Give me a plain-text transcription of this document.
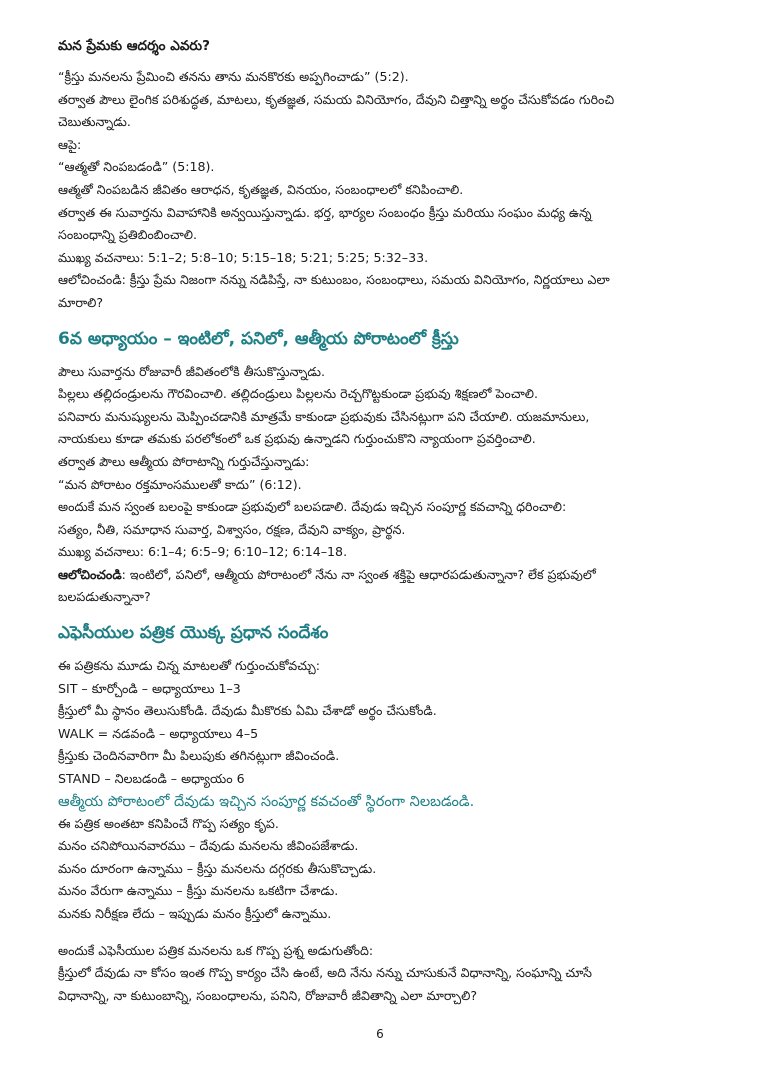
మన ప్రేమకు ఆదర్శం ఎవరు?

“క్రీస్తు మనలను ప్రేమించి తనను తాను మనకొరకు అప్పగించాడు” (5:2).

తర్వాత పౌలు లైంగిక పరిశుద్ధత, మాటలు, కృతజ్ఞత, సమయ వినియోగం, దేవుని చిత్తాన్ని అర్థం చేసుకోవడం గురించి

చెబుతున్నాడు.

ఆపై:

“ఆత్మతో నింపబడండి” (5:18).

ఆత్మతో నింపబడిన జీవితం ఆరాధన, కృతజ్ఞత, వినయం, సంబంధాలలో కనిపించాలి.

తర్వాత ఈ సువార్తను వివాహానికి అన్వయిస్తున్నాడు. భర్త, భార్యల సంబంధం క్రీస్తు మరియు సంఘం మధ్య ఉన్న

సంబంధాన్ని ప్రతిబింబించాలి.

ముఖ్య వచనాలు: 5:1–2; 5:8–10; 5:15–18; 5:21; 5:25; 5:32–33.

ఆలోచించండి: క్రీస్తు ప్రేమ నిజంగా నన్ను నడిపిస్తే, నా కుటుంబం, సంబంధాలు, సమయ వినియోగం, నిర్ణయాలు ఎలా

మారాలి?

6వ అధ్యాయం – ఇంటిలో, పనిలో, ఆత్మీయ పోరాటంలో క్రీస్తు

పౌలు సువార్తను రోజువారీ జీవితంలోకి తీసుకొస్తున్నాడు.

పిల్లలు తల్లిదండ్రులను గౌరవించాలి. తల్లిదండ్రులు పిల్లలను రెచ్చగొట్టకుండా ప్రభువు శిక్షణలో పెంచాలి.

పనివారు మనుష్యులను మెప్పించడానికి మాత్రమే కాకుండా ప్రభువుకు చేసినట్లుగా పని చేయాలి. యజమానులు,

నాయకులు కూడా తమకు పరలోకంలో ఒక ప్రభువు ఉన్నాడని గుర్తుంచుకొని న్యాయంగా ప్రవర్తించాలి.

తర్వాత పౌలు ఆత్మీయ పోరాటాన్ని గుర్తుచేస్తున్నాడు:

“మన పోరాటం రక్తమాంసములతో కాదు” (6:12).

అందుకే మన స్వంత బలంపై కాకుండా ప్రభువులో బలపడాలి. దేవుడు ఇచ్చిన సంపూర్ణ కవచాన్ని ధరించాలి:

సత్యం, నీతి, సమాధాన సువార్త, విశ్వాసం, రక్షణ, దేవుని వాక్యం, ప్రార్థన.

ముఖ్య వచనాలు: 6:1–4; 6:5–9; 6:10–12; 6:14–18.

ఆలోచించండి: ఇంటిలో, పనిలో, ఆత్మీయ పోరాటంలో నేను నా స్వంత శక్తిపై ఆధారపడుతున్నానా? లేక ప్రభువులో

బలపడుతున్నానా?

ఎఫెసీయుల పత్రిక యొక్క ప్రధాన సందేశం

ఈ పత్రికను మూడు చిన్న మాటలతో గుర్తుంచుకోవచ్చు:

SIT – కూర్చోండి – అధ్యాయాలు 1–3

క్రీస్తులో మీ స్థానం తెలుసుకోండి. దేవుడు మీకొరకు ఏమి చేశాడో అర్థం చేసుకోండి.

WALK = నడవండి – అధ్యాయాలు 4–5

క్రీస్తుకు చెందినవారిగా మీ పిలుపుకు తగినట్లుగా జీవించండి.

STAND – నిలబడండి – అధ్యాయం 6

ఆత్మీయ పోరాటంలో దేవుడు ఇచ్చిన సంపూర్ణ కవచంతో స్థిరంగా నిలబడండి.

ఈ పత్రిక అంతటా కనిపించే గొప్ప సత్యం కృప.

మనం చనిపోయినవారము – దేవుడు మనలను జీవింపజేశాడు.

మనం దూరంగా ఉన్నాము – క్రీస్తు మనలను దగ్గరకు తీసుకొచ్చాడు.

మనం వేరుగా ఉన్నాము – క్రీస్తు మనలను ఒకటిగా చేశాడు.

మనకు నిరీక్షణ లేదు – ఇప్పుడు మనం క్రీస్తులో ఉన్నాము.

అందుకే ఎఫెసీయుల పత్రిక మనలను ఒక గొప్ప ప్రశ్న అడుగుతోంది:

క్రీస్తులో దేవుడు నా కోసం ఇంత గొప్ప కార్యం చేసి ఉంటే, అది నేను నన్ను చూసుకునే విధానాన్ని, సంఘాన్ని చూసే

విధానాన్ని, నా కుటుంబాన్ని, సంబంధాలను, పనిని, రోజువారీ జీవితాన్ని ఎలా మార్చాలి?

6
